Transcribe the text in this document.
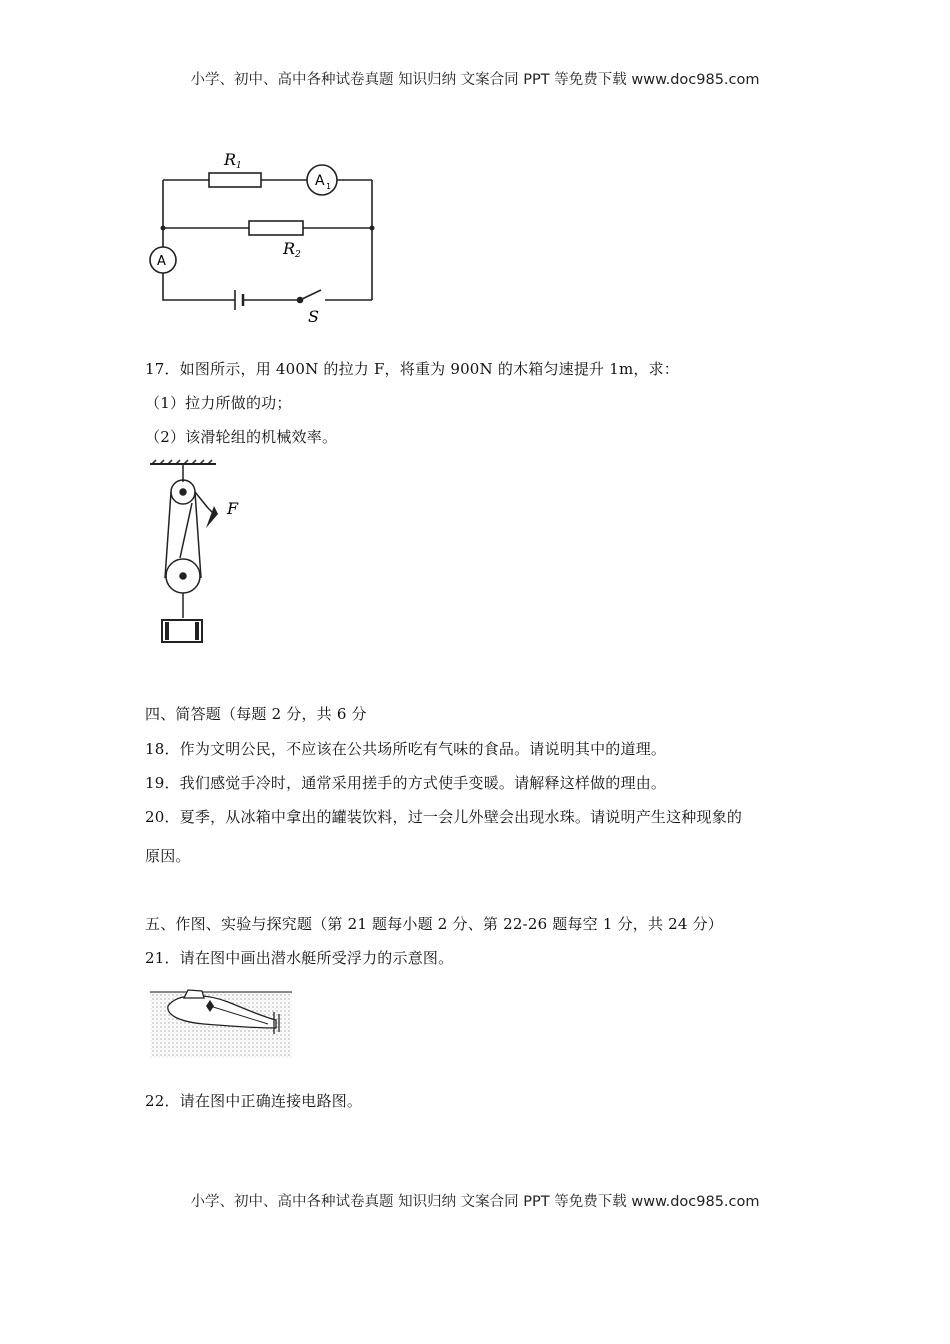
小学、初中、高中各种试卷真题 知识归纳 文案合同 PPT 等免费下载 www.doc985.com
R 1
R 2
A 1
A
S
17．如图所示，用 400N 的拉力 F，将重为 900N 的木箱匀速提升 1m，求：
（1）拉力所做的功；
（2）该滑轮组的机械效率。
F
四、简答题（每题 2 分，共 6 分
18．作为文明公民，不应该在公共场所吃有气味的食品。请说明其中的道理。
19．我们感觉手冷时，通常采用搓手的方式使手变暖。请解释这样做的理由。
20．夏季，从冰箱中拿出的罐装饮料，过一会儿外壁会出现水珠。请说明产生这种现象的
原因。
五、作图、实验与探究题（第 21 题每小题 2 分、第 22-26 题每空 1 分，共 24 分）
21．请在图中画出潜水艇所受浮力的示意图。
22．请在图中正确连接电路图。
小学、初中、高中各种试卷真题 知识归纳 文案合同 PPT 等免费下载 www.doc985.com
